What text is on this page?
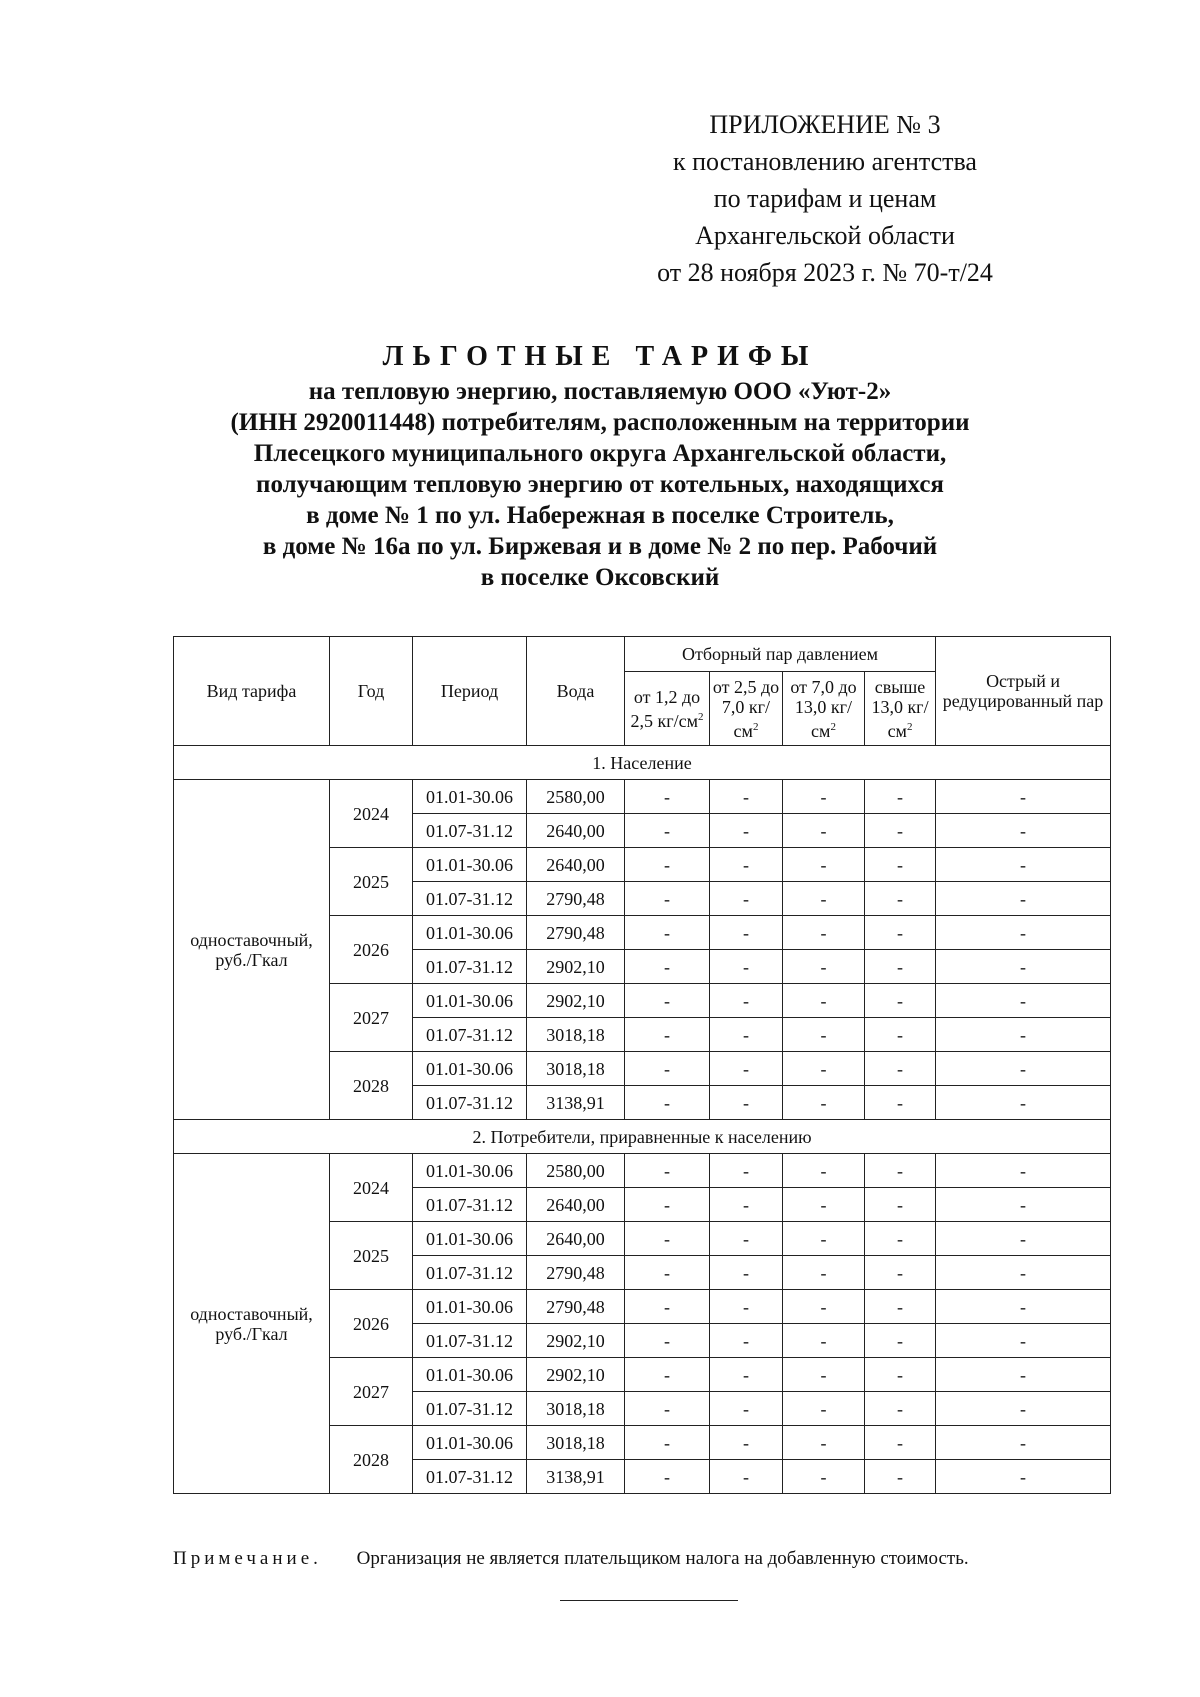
ПРИЛОЖЕНИЕ № 3
к постановлению агентства
по тарифам и ценам
Архангельской области
от 28 ноября 2023 г. № 70-т/24
ЛЬГОТНЫЕ ТАРИФЫ
на тепловую энергию, поставляемую ООО «Уют-2»
(ИНН 2920011448) потребителям, расположенным на территории
Плесецкого муниципального округа Архангельской области,
получающим тепловую энергию от котельных, находящихся
в доме № 1 по ул. Набережная в поселке Строитель,
в доме № 16а по ул. Биржевая и в доме № 2 по пер. Рабочий
в поселке Оксовский
Вид тарифа	Год	Период	Вода	Отборный пар давлением				Острый и редуцированный пар
				от 1,2 до 2,5 $кг/см^2$	от 2,5 до 7,0 $кг/см^2$	от 7,0 до 13,0 $кг/см^2$	свыше 13,0 $кг/см^2$
1. Население								
одноставочный, руб./Гкал	2024	01.01-30.06	2580,00	-	-	-	-	-
		01.07-31.12	2640,00	-	-	-	-	-
	2025	01.01-30.06	2640,00	-	-	-	-	-
		01.07-31.12	2790,48	-	-	-	-	-
	2026	01.01-30.06	2790,48	-	-	-	-	-
		01.07-31.12	2902,10	-	-	-	-	-
	2027	01.01-30.06	2902,10	-	-	-	-	-
		01.07-31.12	3018,18	-	-	-	-	-
	2028	01.01-30.06	3018,18	-	-	-	-	-
		01.07-31.12	3138,91	-	-	-	-	-
2. Потребители, приравненные к населению								
одноставочный, руб./Гкал	2024	01.01-30.06	2580,00	-	-	-	-	-
		01.07-31.12	2640,00	-	-	-	-	-
	2025	01.01-30.06	2640,00	-	-	-	-	-
		01.07-31.12	2790,48	-	-	-	-	-
	2026	01.01-30.06	2790,48	-	-	-	-	-
		01.07-31.12	2902,10	-	-	-	-	-
	2027	01.01-30.06	2902,10	-	-	-	-	-
		01.07-31.12	3018,18	-	-	-	-	-
	2028	01.01-30.06	3018,18	-	-	-	-	-
		01.07-31.12	3138,91	-	-	-	-	-
Примечание. Организация не является плательщиком налога на добавленную стоимость.
